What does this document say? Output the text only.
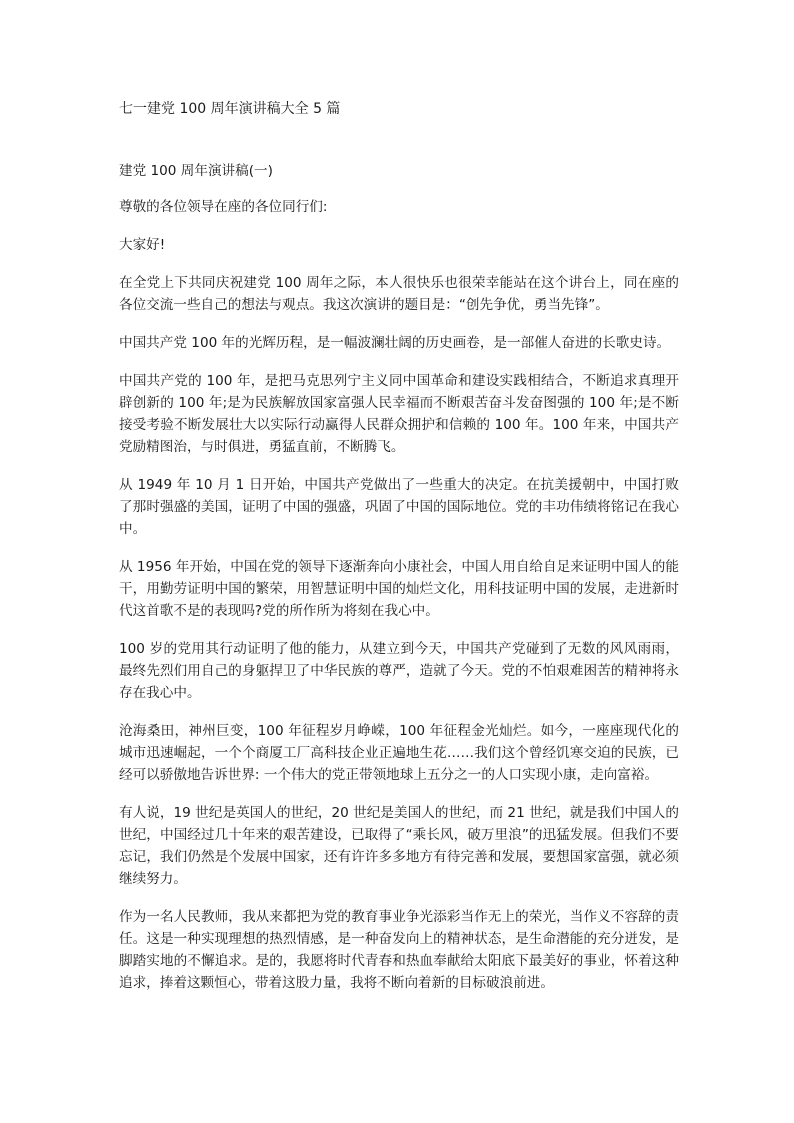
七一建党 100 周年演讲稿大全 5 篇

建党 100 周年演讲稿(一)

尊敬的各位领导在座的各位同行们:

大家好!

在全党上下共同庆祝建党 100 周年之际，本人很快乐也很荣幸能站在这个讲台上，同在座的各位交流一些自己的想法与观点。我这次演讲的题目是：“创先争优，勇当先锋”。

中国共产党 100 年的光辉历程，是一幅波澜壮阔的历史画卷，是一部催人奋进的长歌史诗。

中国共产党的 100 年，是把马克思列宁主义同中国革命和建设实践相结合，不断追求真理开辟创新的 100 年;是为民族解放国家富强人民幸福而不断艰苦奋斗发奋图强的 100 年;是不断接受考验不断发展壮大以实际行动赢得人民群众拥护和信赖的 100 年。100 年来，中国共产党励精图治，与时俱进，勇猛直前，不断腾飞。

从 1949 年 10 月 1 日开始，中国共产党做出了一些重大的决定。在抗美援朝中，中国打败了那时强盛的美国，证明了中国的强盛，巩固了中国的国际地位。党的丰功伟绩将铭记在我心中。

从 1956 年开始，中国在党的领导下逐渐奔向小康社会，中国人用自给自足来证明中国人的能干，用勤劳证明中国的繁荣，用智慧证明中国的灿烂文化，用科技证明中国的发展，走进新时代这首歌不是的表现吗?党的所作所为将刻在我心中。

100 岁的党用其行动证明了他的能力，从建立到今天，中国共产党碰到了无数的风风雨雨，最终先烈们用自己的身躯捍卫了中华民族的尊严，造就了今天。党的不怕艰难困苦的精神将永存在我心中。

沧海桑田，神州巨变，100 年征程岁月峥嵘，100 年征程金光灿烂。如今，一座座现代化的城市迅速崛起，一个个商厦工厂高科技企业正遍地生花……我们这个曾经饥寒交迫的民族，已经可以骄傲地告诉世界: 一个伟大的党正带领地球上五分之一的人口实现小康，走向富裕。

有人说，19 世纪是英国人的世纪，20 世纪是美国人的世纪，而 21 世纪，就是我们中国人的世纪，中国经过几十年来的艰苦建设，已取得了“乘长风，破万里浪”的迅猛发展。但我们不要忘记，我们仍然是个发展中国家，还有许许多多地方有待完善和发展，要想国家富强，就必须继续努力。

作为一名人民教师，我从来都把为党的教育事业争光添彩当作无上的荣光，当作义不容辞的责任。这是一种实现理想的热烈情感，是一种奋发向上的精神状态，是生命潜能的充分迸发，是脚踏实地的不懈追求。是的，我愿将时代青春和热血奉献给太阳底下最美好的事业，怀着这种追求，捧着这颗恒心，带着这股力量，我将不断向着新的目标破浪前进。
